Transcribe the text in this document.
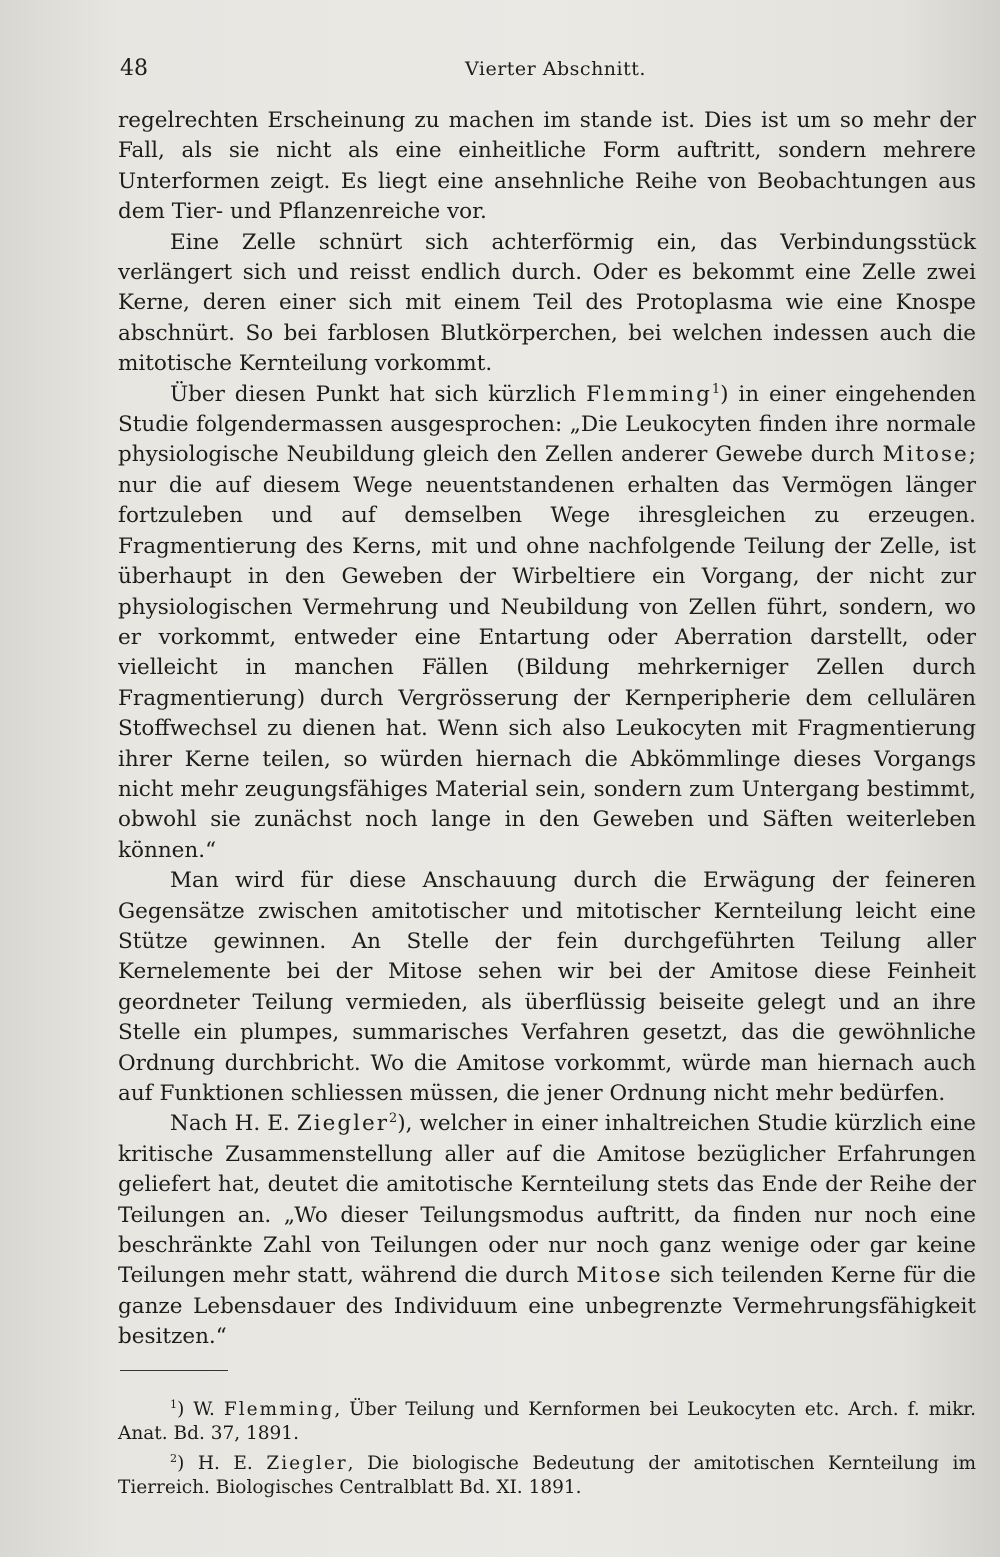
48	Vierter Abschnitt.

regelrechten Erscheinung zu machen im stande ist. Dies ist um so mehr der Fall, als sie nicht als eine einheitliche Form auftritt, sondern mehrere Unterformen zeigt. Es liegt eine ansehnliche Reihe von Beobachtungen aus dem Tier- und Pflanzenreiche vor.

Eine Zelle schnürt sich achterförmig ein, das Verbindungsstück verlängert sich und reisst endlich durch. Oder es bekommt eine Zelle zwei Kerne, deren einer sich mit einem Teil des Protoplasma wie eine Knospe abschnürt. So bei farblosen Blutkörperchen, bei welchen indessen auch die mitotische Kernteilung vorkommt.

Über diesen Punkt hat sich kürzlich Flemming$^1$) in einer eingehenden Studie folgendermassen ausgesprochen: „Die Leukocyten finden ihre normale physiologische Neubildung gleich den Zellen anderer Gewebe durch Mitose; nur die auf diesem Wege neuentstandenen erhalten das Vermögen länger fortzuleben und auf demselben Wege ihresgleichen zu erzeugen. Fragmentierung des Kerns, mit und ohne nachfolgende Teilung der Zelle, ist überhaupt in den Geweben der Wirbeltiere ein Vorgang, der nicht zur physiologischen Vermehrung und Neubildung von Zellen führt, sondern, wo er vorkommt, entweder eine Entartung oder Aberration darstellt, oder vielleicht in manchen Fällen (Bildung mehrkerniger Zellen durch Fragmentierung) durch Vergrösserung der Kernperipherie dem cellulären Stoffwechsel zu dienen hat. Wenn sich also Leukocyten mit Fragmentierung ihrer Kerne teilen, so würden hiernach die Abkömmlinge dieses Vorgangs nicht mehr zeugungsfähiges Material sein, sondern zum Untergang bestimmt, obwohl sie zunächst noch lange in den Geweben und Säften weiterleben können.“

Man wird für diese Anschauung durch die Erwägung der feineren Gegensätze zwischen amitotischer und mitotischer Kernteilung leicht eine Stütze gewinnen. An Stelle der fein durchgeführten Teilung aller Kernelemente bei der Mitose sehen wir bei der Amitose diese Feinheit geordneter Teilung vermieden, als überflüssig beiseite gelegt und an ihre Stelle ein plumpes, summarisches Verfahren gesetzt, das die gewöhnliche Ordnung durchbricht. Wo die Amitose vorkommt, würde man hiernach auch auf Funktionen schliessen müssen, die jener Ordnung nicht mehr bedürfen.

Nach H. E. Ziegler$^2$), welcher in einer inhaltreichen Studie kürzlich eine kritische Zusammenstellung aller auf die Amitose bezüglicher Erfahrungen geliefert hat, deutet die amitotische Kernteilung stets das Ende der Reihe der Teilungen an. „Wo dieser Teilungsmodus auftritt, da finden nur noch eine beschränkte Zahl von Teilungen oder nur noch ganz wenige oder gar keine Teilungen mehr statt, während die durch Mitose sich teilenden Kerne für die ganze Lebensdauer des Individuum eine unbegrenzte Vermehrungsfähigkeit besitzen.“

$^1$) W. Flemming, Über Teilung und Kernformen bei Leukocyten etc. Arch. f. mikr. Anat. Bd. 37, 1891.

$^2$) H. E. Ziegler, Die biologische Bedeutung der amitotischen Kernteilung im Tierreich. Biologisches Centralblatt Bd. XI. 1891.
